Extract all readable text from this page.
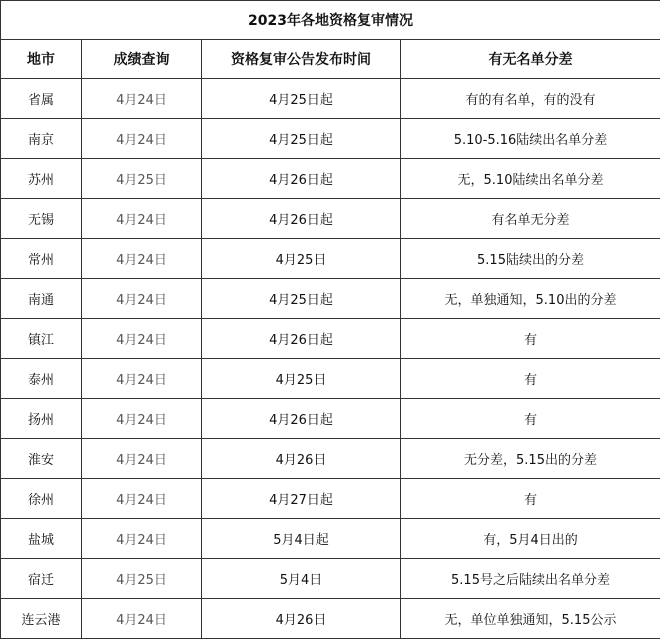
2023年各地资格复审情况			
地市	成绩查询	资格复审公告发布时间	有无名单分差
省属	4月24日	4月25日起	有的有名单，有的没有
南京	4月24日	4月25日起	5.10-5.16陆续出名单分差
苏州	4月25日	4月26日起	无，5.10陆续出名单分差
无锡	4月24日	4月26日起	有名单无分差
常州	4月24日	4月25日	5.15陆续出的分差
南通	4月24日	4月25日起	无，单独通知，5.10出的分差
镇江	4月24日	4月26日起	有
泰州	4月24日	4月25日	有
扬州	4月24日	4月26日起	有
淮安	4月24日	4月26日	无分差，5.15出的分差
徐州	4月24日	4月27日起	有
盐城	4月24日	5月4日起	有，5月4日出的
宿迁	4月25日	5月4日	5.15号之后陆续出名单分差
连云港	4月24日	4月26日	无，单位单独通知，5.15公示
